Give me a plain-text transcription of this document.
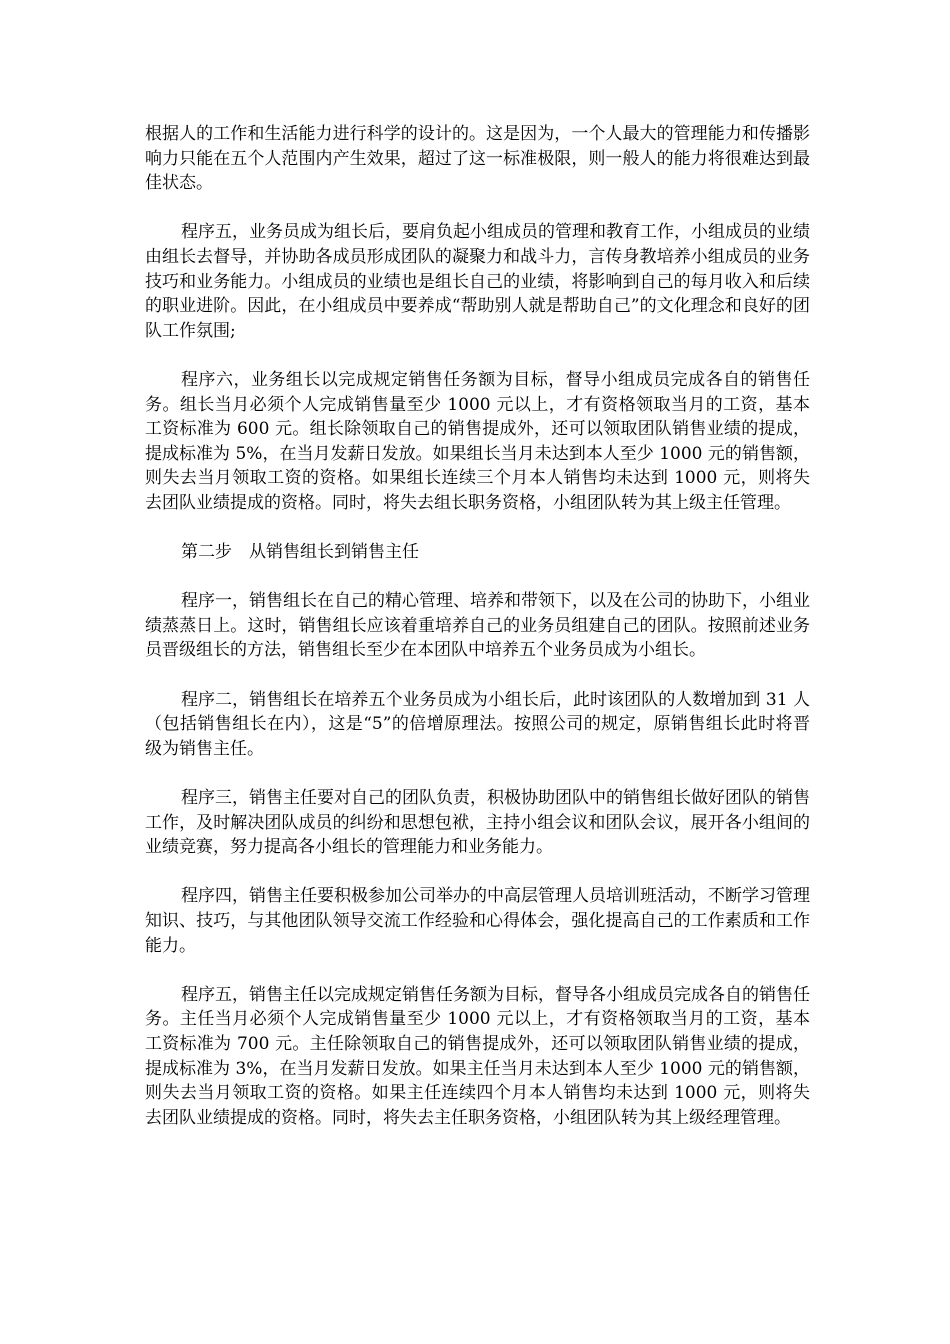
根据人的工作和生活能力进行科学的设计的。这是因为，一个人最大的管理能力和传播影响力只能在五个人范围内产生效果，超过了这一标准极限，则一般人的能力将很难达到最佳状态。

程序五，业务员成为组长后，要肩负起小组成员的管理和教育工作，小组成员的业绩由组长去督导，并协助各成员形成团队的凝聚力和战斗力，言传身教培养小组成员的业务技巧和业务能力。小组成员的业绩也是组长自己的业绩，将影响到自己的每月收入和后续的职业进阶。因此，在小组成员中要养成“帮助别人就是帮助自己”的文化理念和良好的团队工作氛围;

程序六，业务组长以完成规定销售任务额为目标，督导小组成员完成各自的销售任务。组长当月必须个人完成销售量至少 1000 元以上，才有资格领取当月的工资，基本工资标准为 600 元。组长除领取自己的销售提成外，还可以领取团队销售业绩的提成，提成标准为 5%，在当月发薪日发放。如果组长当月未达到本人至少 1000 元的销售额，则失去当月领取工资的资格。如果组长连续三个月本人销售均未达到 1000 元，则将失去团队业绩提成的资格。同时，将失去组长职务资格，小组团队转为其上级主任管理。

第二步　从销售组长到销售主任

程序一，销售组长在自己的精心管理、培养和带领下，以及在公司的协助下，小组业绩蒸蒸日上。这时，销售组长应该着重培养自己的业务员组建自己的团队。按照前述业务员晋级组长的方法，销售组长至少在本团队中培养五个业务员成为小组长。

程序二，销售组长在培养五个业务员成为小组长后，此时该团队的人数增加到 31 人（包括销售组长在内），这是“5”的倍增原理法。按照公司的规定，原销售组长此时将晋级为销售主任。

程序三，销售主任要对自己的团队负责，积极协助团队中的销售组长做好团队的销售工作，及时解决团队成员的纠纷和思想包袱，主持小组会议和团队会议，展开各小组间的业绩竞赛，努力提高各小组长的管理能力和业务能力。

程序四，销售主任要积极参加公司举办的中高层管理人员培训班活动，不断学习管理知识、技巧，与其他团队领导交流工作经验和心得体会，强化提高自己的工作素质和工作能力。

程序五，销售主任以完成规定销售任务额为目标，督导各小组成员完成各自的销售任务。主任当月必须个人完成销售量至少 1000 元以上，才有资格领取当月的工资，基本工资标准为 700 元。主任除领取自己的销售提成外，还可以领取团队销售业绩的提成，提成标准为 3%，在当月发薪日发放。如果主任当月未达到本人至少 1000 元的销售额，则失去当月领取工资的资格。如果主任连续四个月本人销售均未达到 1000 元，则将失去团队业绩提成的资格。同时，将失去主任职务资格，小组团队转为其上级经理管理。
